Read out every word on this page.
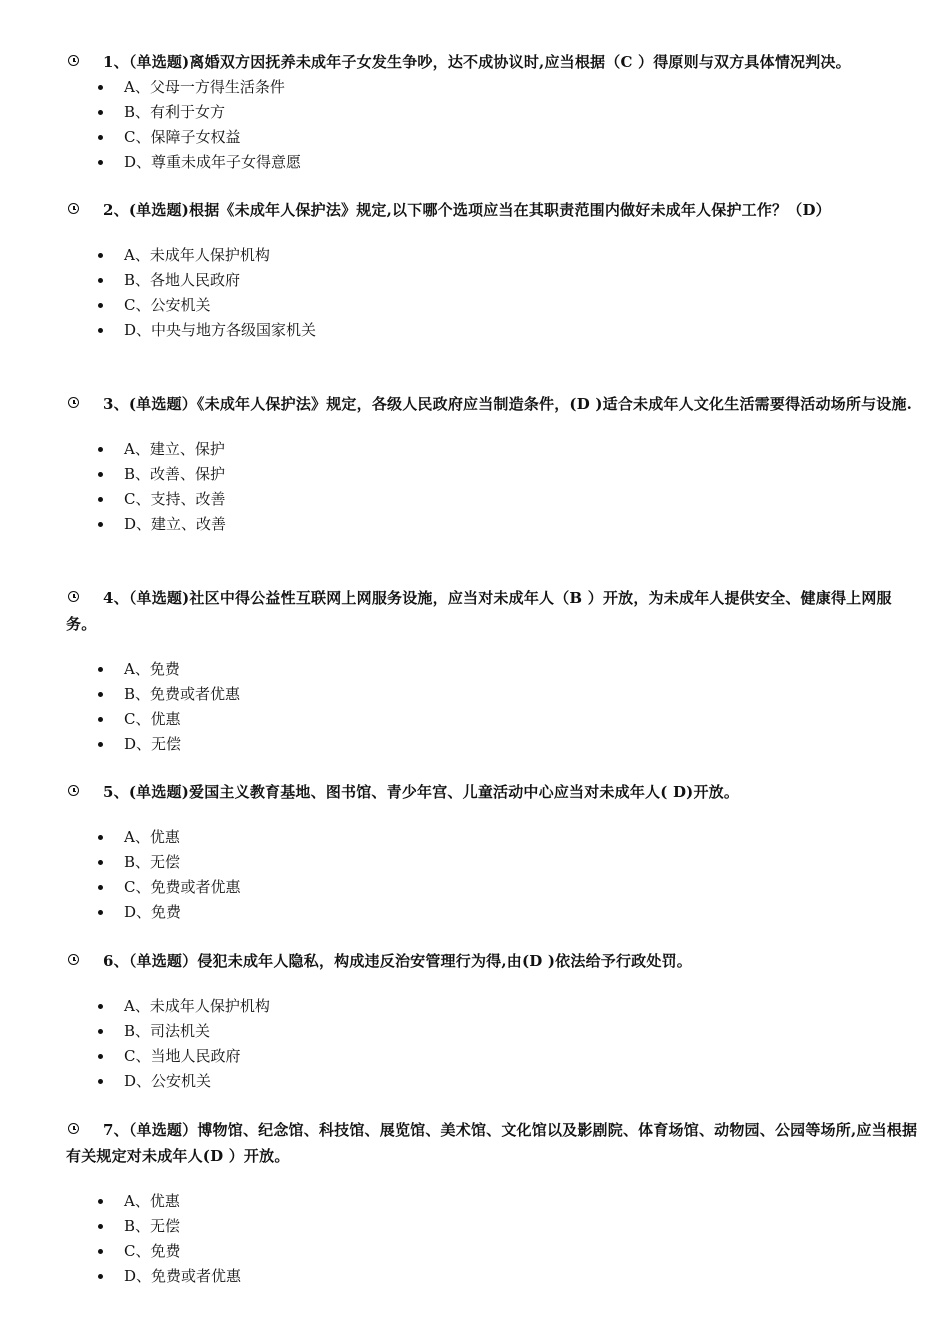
1、（单选题)离婚双方因抚养未成年子女发生争吵，达不成协议时,应当根据（C ）得原则与双方具体情况判决。
A、父母一方得生活条件
B、有利于女方
C、保障子女权益
D、尊重未成年子女得意愿
2、(单选题)根据《未成年人保护法》规定,以下哪个选项应当在其职责范围内做好未成年人保护工作？（D）
A、未成年人保护机构
B、各地人民政府
C、公安机关
D、中央与地方各级国家机关
3、(单选题）《未成年人保护法》规定，各级人民政府应当制造条件，(D )适合未成年人文化生活需要得活动场所与设施.
A、建立、保护
B、改善、保护
C、支持、改善
D、建立、改善
4、（单选题)社区中得公益性互联网上网服务设施，应当对未成年人（B ）开放，为未成年人提供安全、健康得上网服务。
A、免费
B、免费或者优惠
C、优惠
D、无偿
5、(单选题)爱国主义教育基地、图书馆、青少年宫、儿童活动中心应当对未成年人( D)开放。
A、优惠
B、无偿
C、免费或者优惠
D、免费
6、（单选题）侵犯未成年人隐私，构成违反治安管理行为得,由(D )依法给予行政处罚。
A、未成年人保护机构
B、司法机关
C、当地人民政府
D、公安机关
7、（单选题）博物馆、纪念馆、科技馆、展览馆、美术馆、文化馆以及影剧院、体育场馆、动物园、公园等场所,应当根据有关规定对未成年人(D ）开放。
A、优惠
B、无偿
C、免费
D、免费或者优惠
